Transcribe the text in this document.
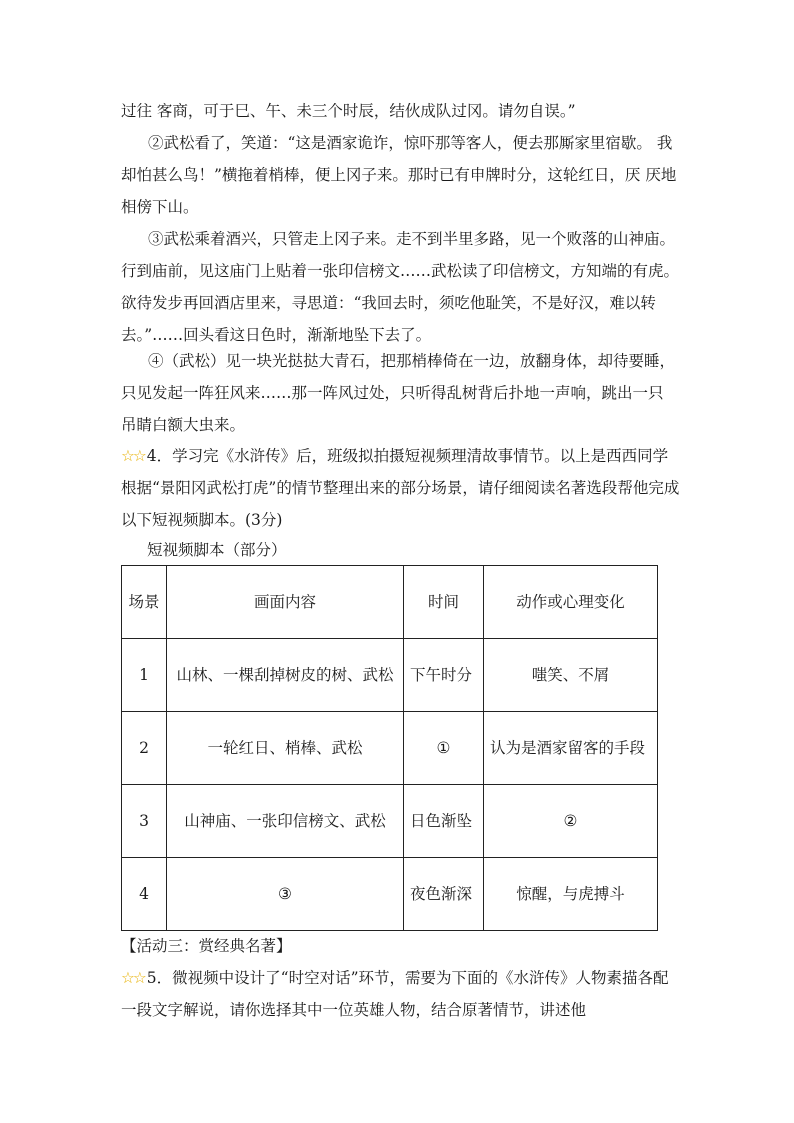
过往 客商，可于巳、午、未三个时辰，结伙成队过冈。请勿自误。”

②武松看了，笑道：“这是酒家诡诈，惊吓那等客人，便去那厮家里宿歇。 我却怕甚么鸟！”横拖着梢棒，便上冈子来。那时已有申牌时分，这轮红日，厌 厌地相傍下山。

③武松乘着酒兴，只管走上冈子来。走不到半里多路，见一个败落的山神庙。 行到庙前，见这庙门上贴着一张印信榜文……武松读了印信榜文，方知端的有虎。 欲待发步再回酒店里来，寻思道：“我回去时，须吃他耻笑，不是好汉，难以转 去。”……回头看这日色时，渐渐地坠下去了。

④（武松）见一块光挞挞大青石，把那梢棒倚在一边，放翻身体，却待要睡， 只见发起一阵狂风来……那一阵风过处，只听得乱树背后扑地一声响，跳出一只 吊睛白额大虫来。

☆☆ 4．学习完《水浒传》后，班级拟拍摄短视频理清故事情节。以上是西西同学根据“景阳冈武松打虎”的情节整理出来的部分场景，请仔细阅读名著选段帮他完成以下短视频脚本。(3分)

短视频脚本（部分）
场景	画面内容	时间	动作或心理变化
1	山林、一棵刮掉树皮的树、武松	下午时分	嗤笑、不屑
2	一轮红日、梢棒、武松	①	认为是酒家留客的手段
3	山神庙、一张印信榜文、武松	日色渐坠	②
4	③	夜色渐深	惊醒，与虎搏斗
【活动三：赏经典名著】

☆☆ 5．微视频中设计了“时空对话”环节，需要为下面的《水浒传》人物素描各配一段文字解说，请你选择其中一位英雄人物，结合原著情节，讲述他
